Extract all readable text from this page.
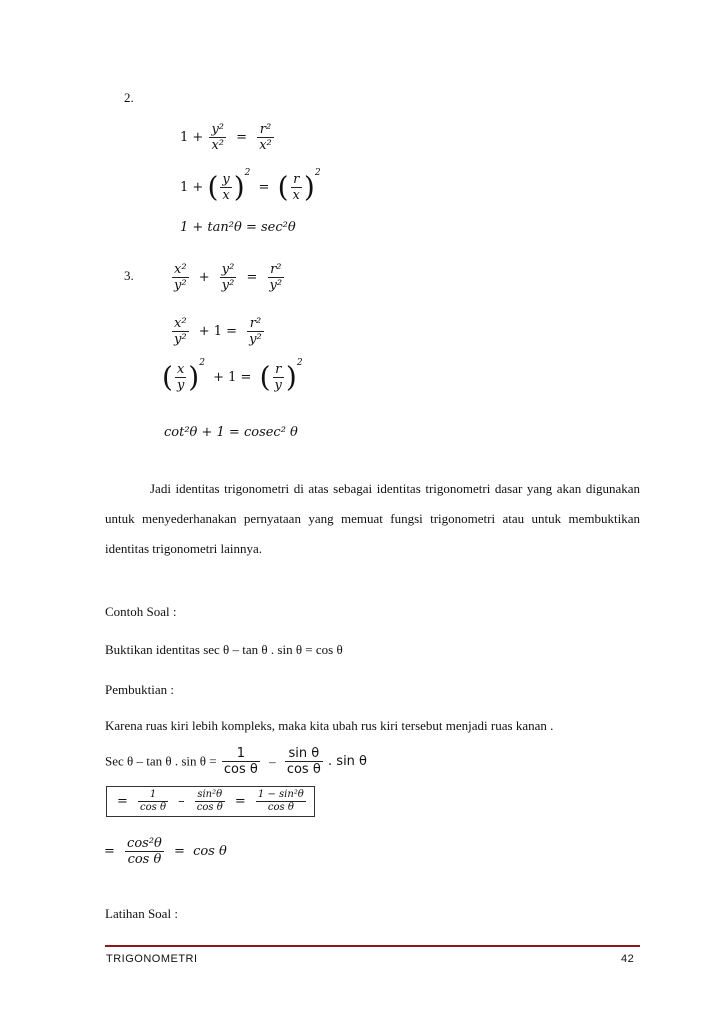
2.
$1 + \frac{\text{y²}}{\text{x²}} = \frac{\text{r²}}{\text{x²}}$
1 + ( $\frac{y}{x} )^2$ = ( $\frac{r}{x} )^2$
1 + tan²θ = sec²θ
3.	$\frac{\text{x²}}{\text{y²}} + \frac{\text{y²}}{\text{y²}} = \frac{\text{r²}}{\text{y²}}$
$\frac{\text{x²}}{\text{y²}} + 1 = \frac{\text{r²}}{\text{y²}}$
( $\frac{x}{y} )^2 + 1$ = ( $\frac{r}{y} )^2$
cot²θ + 1 = cosec² θ
Jadi identitas trigonometri di atas sebagai identitas trigonometri dasar yang akan digunakan untuk menyederhanakan pernyataan yang memuat fungsi trigonometri atau untuk membuktikan identitas trigonometri lainnya.
Contoh Soal :
Buktikan identitas sec θ – tan θ . sin θ = cos θ
Pembuktian :
Karena ruas kiri lebih kompleks, maka kita ubah rus kiri tersebut menjadi ruas kanan .
Sec θ – tan θ . $\sin \theta = \frac{1}{\text{cos θ}} - \frac{\text{sin θ}}{\text{cos θ}}$ . sin θ
= $\frac{1}{\text{cos θ}} - \frac{\text{sin²θ}}{\text{cos θ}} = \frac{\text{1 − sin²θ}}{\text{cos θ}}$
= $\frac{\text{cos²θ}}{\text{cos θ}} = \cos \theta$
Latihan Soal :
TRIGONOMETRI	42
